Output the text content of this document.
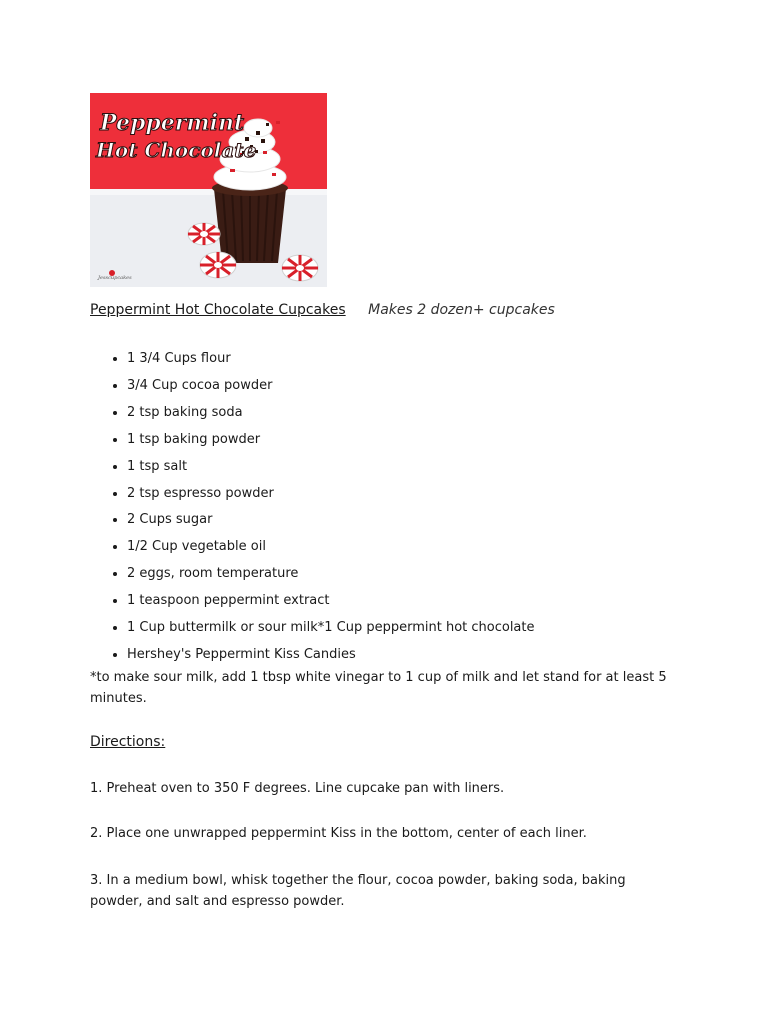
Peppermint
Hot Chocolate
Jesscupcakes
Peppermint Hot Chocolate Cupcakes Makes 2 dozen+ cupcakes
• 1 3/4 Cups flour
• 3/4 Cup cocoa powder
• 2 tsp baking soda
• 1 tsp baking powder
• 1 tsp salt
• 2 tsp espresso powder
• 2 Cups sugar
• 1/2 Cup vegetable oil
• 2 eggs, room temperature
• 1 teaspoon peppermint extract
• 1 Cup buttermilk or sour milk*1 Cup peppermint hot chocolate
• Hershey's Peppermint Kiss Candies
*to make sour milk, add 1 tbsp white vinegar to 1 cup of milk and let stand for at least 5 minutes.
Directions:
1. Preheat oven to 350 F degrees. Line cupcake pan with liners.
2. Place one unwrapped peppermint Kiss in the bottom, center of each liner.
3. In a medium bowl, whisk together the flour, cocoa powder, baking soda, baking powder, and salt and espresso powder.
